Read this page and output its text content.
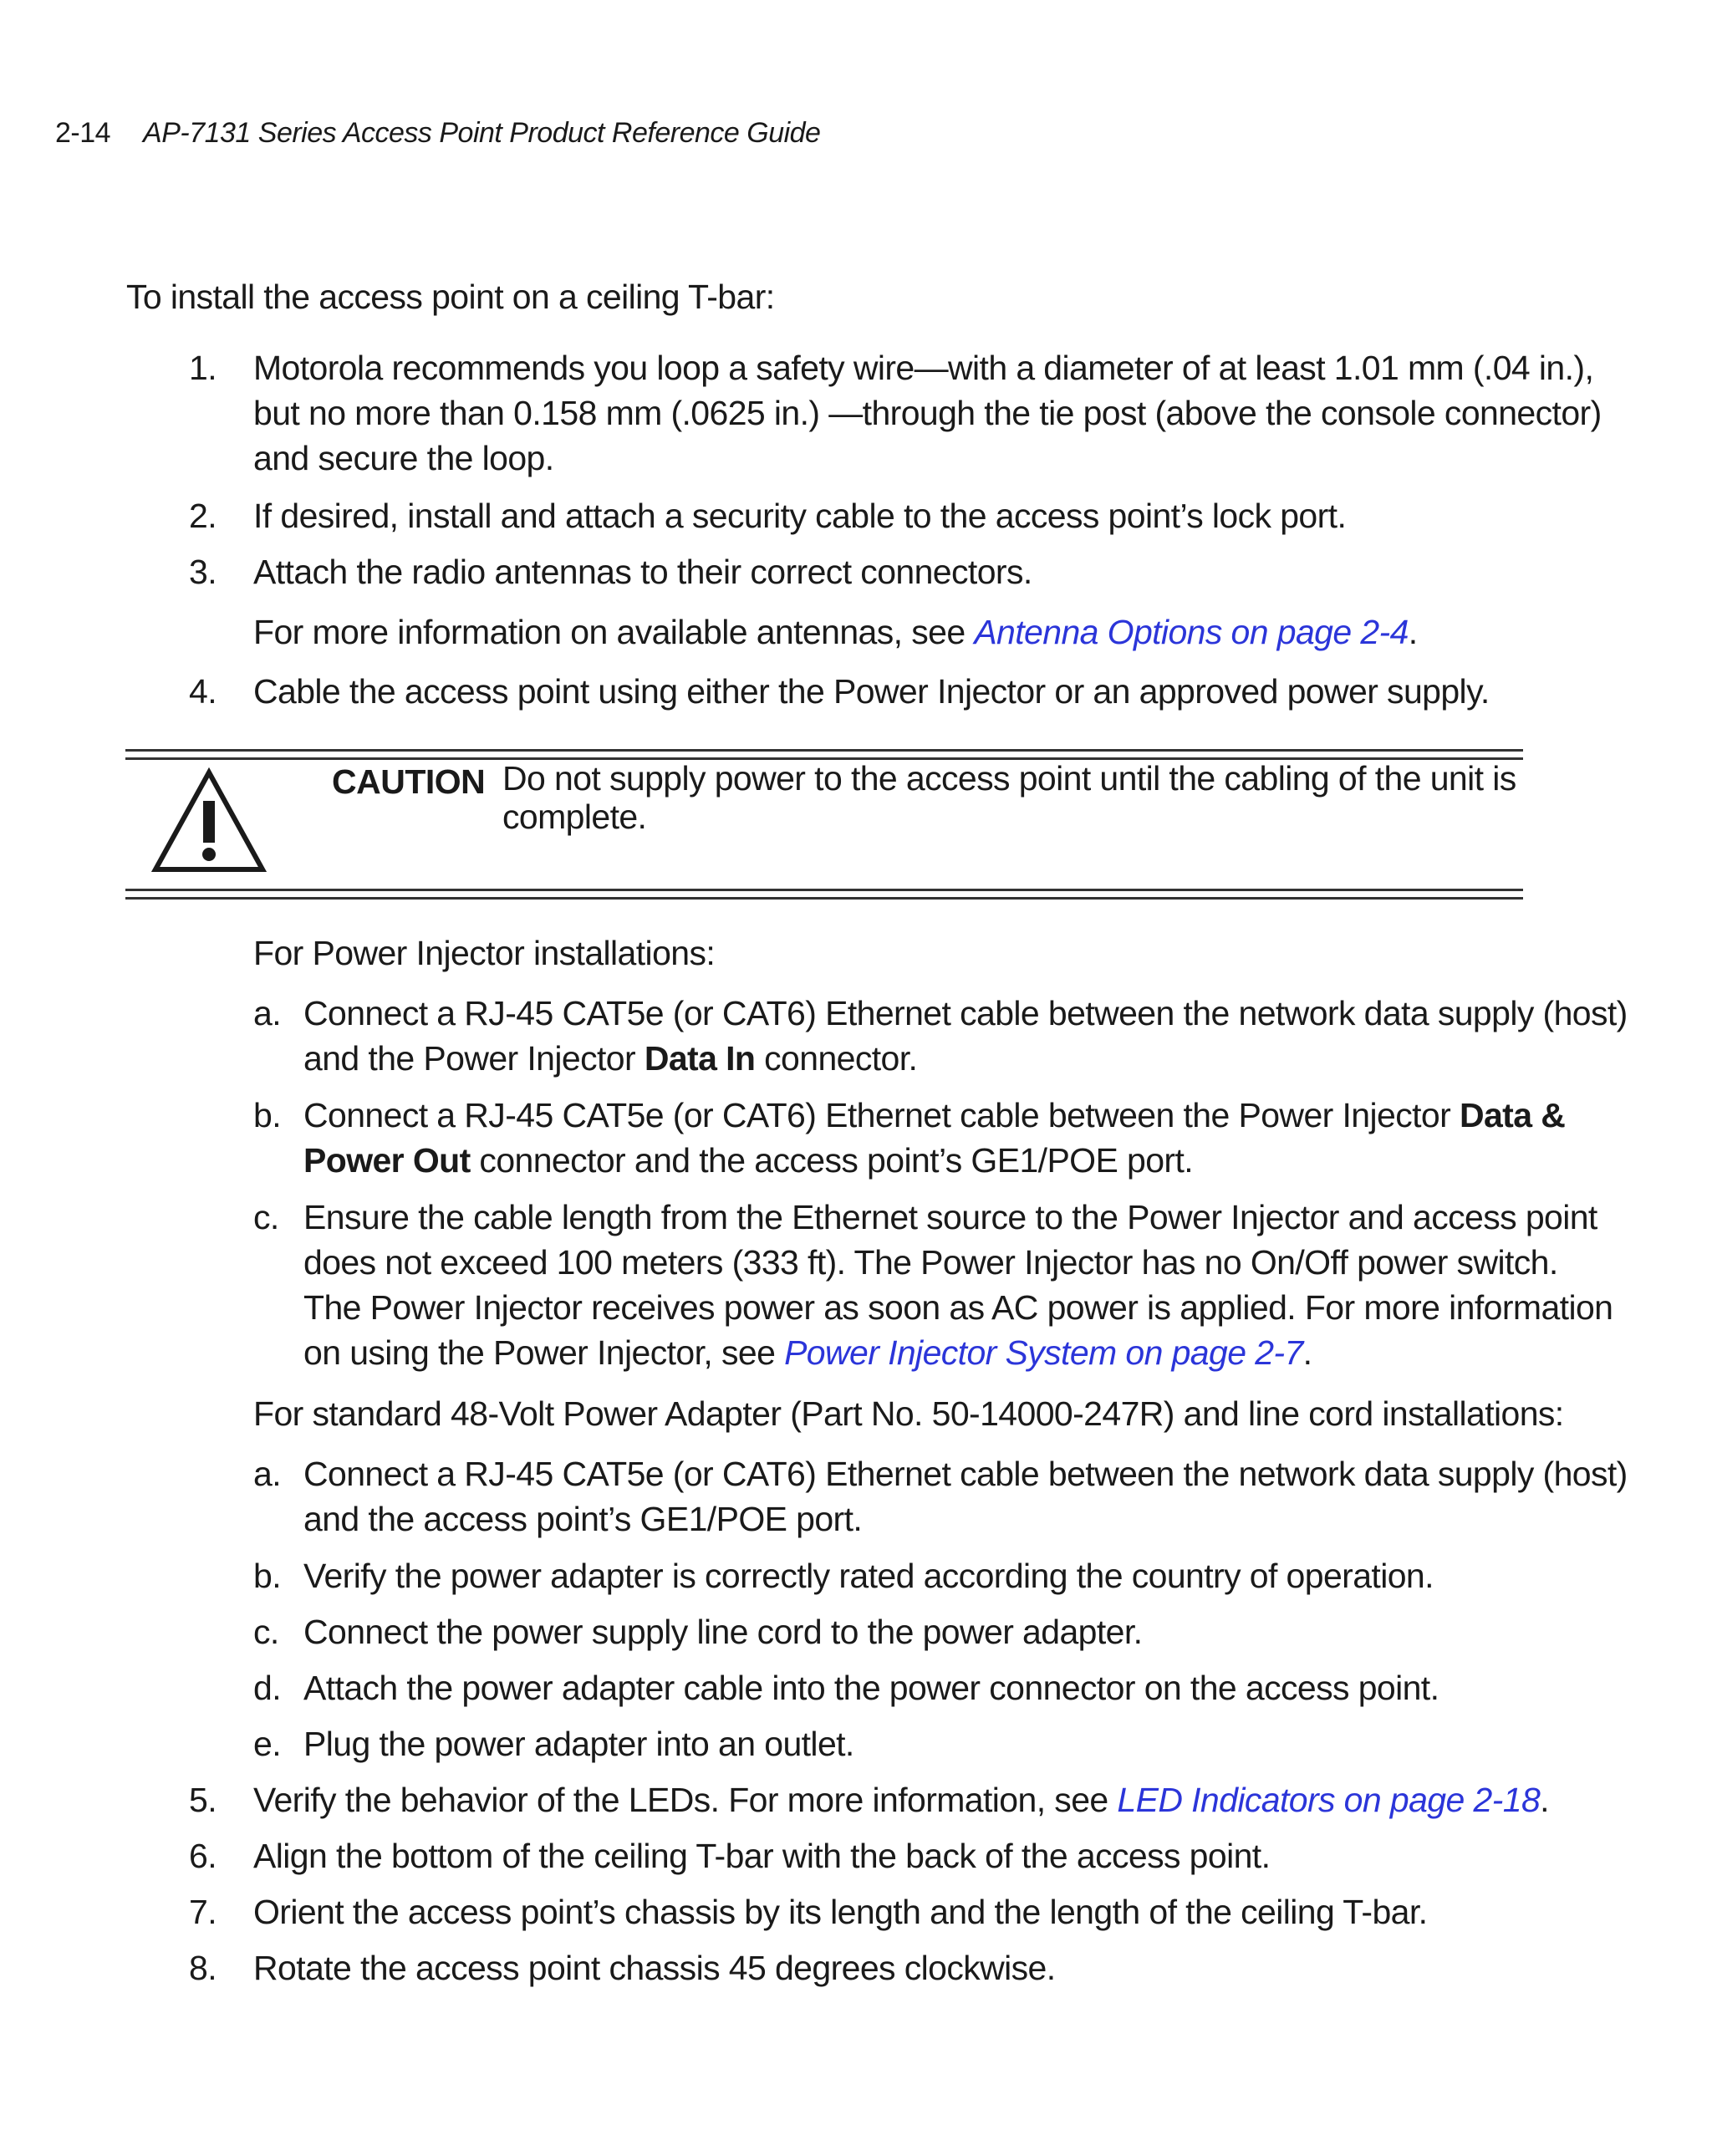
2-14 AP-7131 Series Access Point Product Reference Guide

To install the access point on a ceiling T-bar:

1. Motorola recommends you loop a safety wire—with a diameter of at least 1.01 mm (.04 in.),

but no more than 0.158 mm (.0625 in.) —through the tie post (above the console connector)

and secure the loop.

2. If desired, install and attach a security cable to the access point’s lock port.

3. Attach the radio antennas to their correct connectors.

For more information on available antennas, see Antenna Options on page 2-4.

4. Cable the access point using either the Power Injector or an approved power supply.

CAUTION Do not supply power to the access point until the cabling of the unit is
complete.

For Power Injector installations:

a. Connect a RJ-45 CAT5e (or CAT6) Ethernet cable between the network data supply (host)

and the Power Injector Data In connector.

b. Connect a RJ-45 CAT5e (or CAT6) Ethernet cable between the Power Injector Data &

Power Out connector and the access point’s GE1/POE port.

c. Ensure the cable length from the Ethernet source to the Power Injector and access point

does not exceed 100 meters (333 ft). The Power Injector has no On/Off power switch.

The Power Injector receives power as soon as AC power is applied. For more information

on using the Power Injector, see Power Injector System on page 2-7.

For standard 48-Volt Power Adapter (Part No. 50-14000-247R) and line cord installations:

a. Connect a RJ-45 CAT5e (or CAT6) Ethernet cable between the network data supply (host)

and the access point’s GE1/POE port.

b. Verify the power adapter is correctly rated according the country of operation.

c. Connect the power supply line cord to the power adapter.

d. Attach the power adapter cable into the power connector on the access point.

e. Plug the power adapter into an outlet.

5. Verify the behavior of the LEDs. For more information, see LED Indicators on page 2-18.

6. Align the bottom of the ceiling T-bar with the back of the access point.

7. Orient the access point’s chassis by its length and the length of the ceiling T-bar.

8. Rotate the access point chassis 45 degrees clockwise.
